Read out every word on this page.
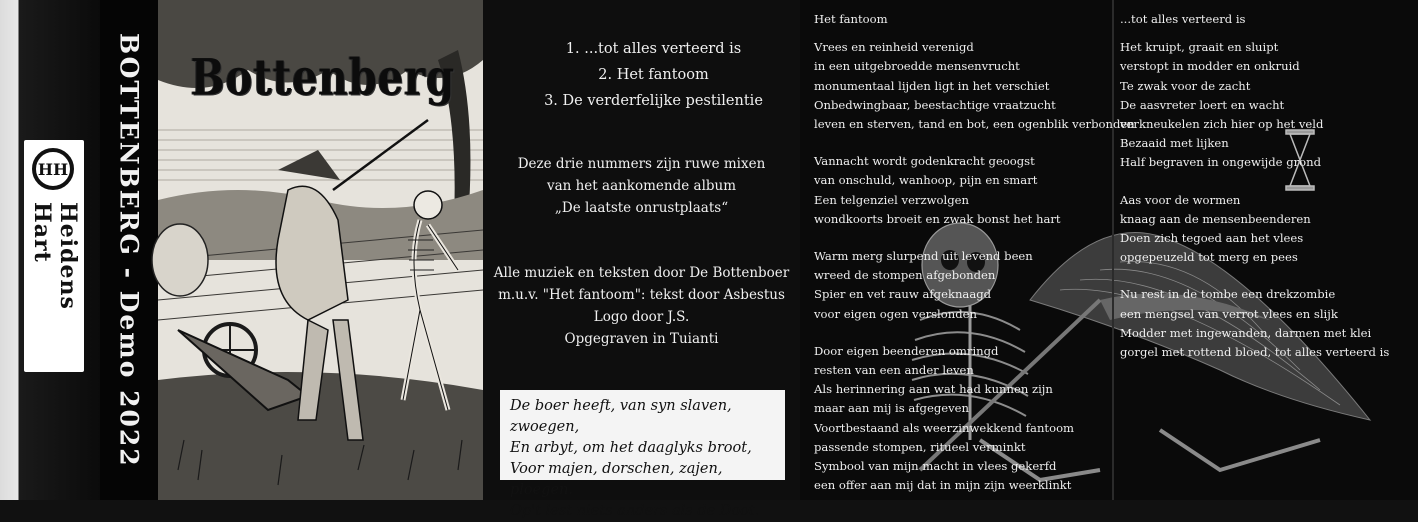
HH
Heidens Hart	BOTTENBERG - Demo 2022	Bottenberg	1. ...tot alles verteerd is
2. Het fantoom
3. De verderfelijke pestilentie
Deze drie nummers zijn ruwe mixen
van het aankomende album
„De laatste onrustplaats“
Alle muziek en teksten door De Bottenboer
m.u.v. "Het fantoom": tekst door Asbestus
Logo door J.S.
Opgegraven in Tuianti
De boer heeft, van syn slaven, zwoegen,
En arbyt, om het daaglyks broot,
Voor majen, dorschen, zajen, ploegen.
Op't lest niets anders als de Doot.
Het fantoom
Vrees en reinheid verenigd
in een uitgebroedde mensenvrucht
monumentaal lijden ligt in het verschiet
Onbedwingbaar, beestachtige vraatzucht
leven en sterven, tand en bot, een ogenblik verbonden
Vannacht wordt godenkracht geoogst
van onschuld, wanhoop, pijn en smart
Een telgenziel verzwolgen
wondkoorts broeit en zwak bonst het hart
Warm merg slurpend uit levend been
wreed de stompen afgebonden
Spier en vet rauw afgeknaagd
voor eigen ogen verslonden
Door eigen beenderen omringd
resten van een ander leven
Als herinnering aan wat had kunnen zijn
maar aan mij is afgegeven
Voortbestaand als weerzinwekkend fantoom
passende stompen, ritueel verminkt
Symbool van mijn macht in vlees gekerfd
een offer aan mij dat in mijn zijn weerklinkt
...tot alles verteerd is
Het kruipt, graait en sluipt
verstopt in modder en onkruid
Te zwak voor de zacht
De aasvreter loert en wacht
verkneukelen zich hier op het veld
Bezaaid met lijken
Half begraven in ongewijde grond
Aas voor de wormen
knaag aan de mensenbeenderen
Doen zich tegoed aan het vlees
opgepeuzeld tot merg en pees
Nu rest in de tombe een drekzombie
een mengsel van verrot vlees en slijk
Modder met ingewanden, darmen met klei
gorgel met rottend bloed, tot alles verteerd is
